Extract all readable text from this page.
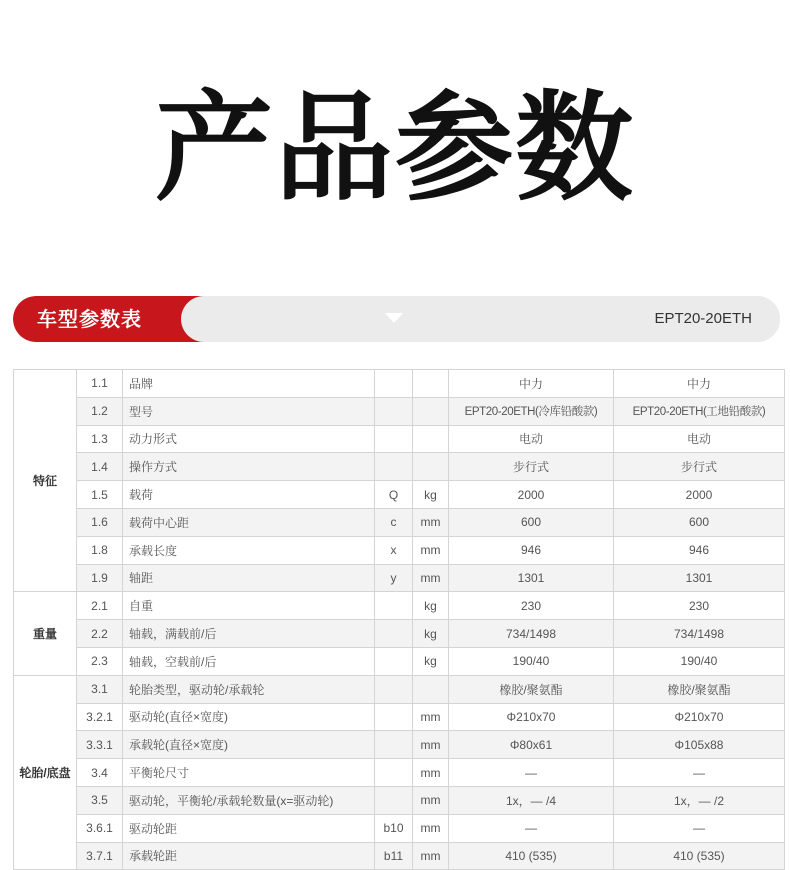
产品参数
车型参数表	EPT20-20ETH
特征	1.1	品牌			中力	中力
	1.2	型号			EPT20-20ETH(冷库铅酸款)	EPT20-20ETH(工地铅酸款)
	1.3	动力形式			电动	电动
	1.4	操作方式			步行式	步行式
	1.5	载荷	Q	kg	2000	2000
	1.6	载荷中心距	c	mm	600	600
	1.8	承载长度	x	mm	946	946
	1.9	轴距	y	mm	1301	1301
重量	2.1	自重		kg	230	230
	2.2	轴载，满载前/后		kg	734/1498	734/1498
	2.3	轴载，空载前/后		kg	190/40	190/40
轮胎/底盘	3.1	轮胎类型，驱动轮/承载轮			橡胶/聚氨酯	橡胶/聚氨酯
	3.2.1	驱动轮(直径×宽度)		mm	Φ210x70	Φ210x70
	3.3.1	承载轮(直径×宽度)		mm	Φ80x61	Φ105x88
	3.4	平衡轮尺寸		mm	—	—
	3.5	驱动轮，平衡轮/承载轮数量(x=驱动轮)		mm	1x，— /4	1x，— /2
	3.6.1	驱动轮距	b10	mm	—	—
	3.7.1	承载轮距	b11	mm	410 (535)	410 (535)
